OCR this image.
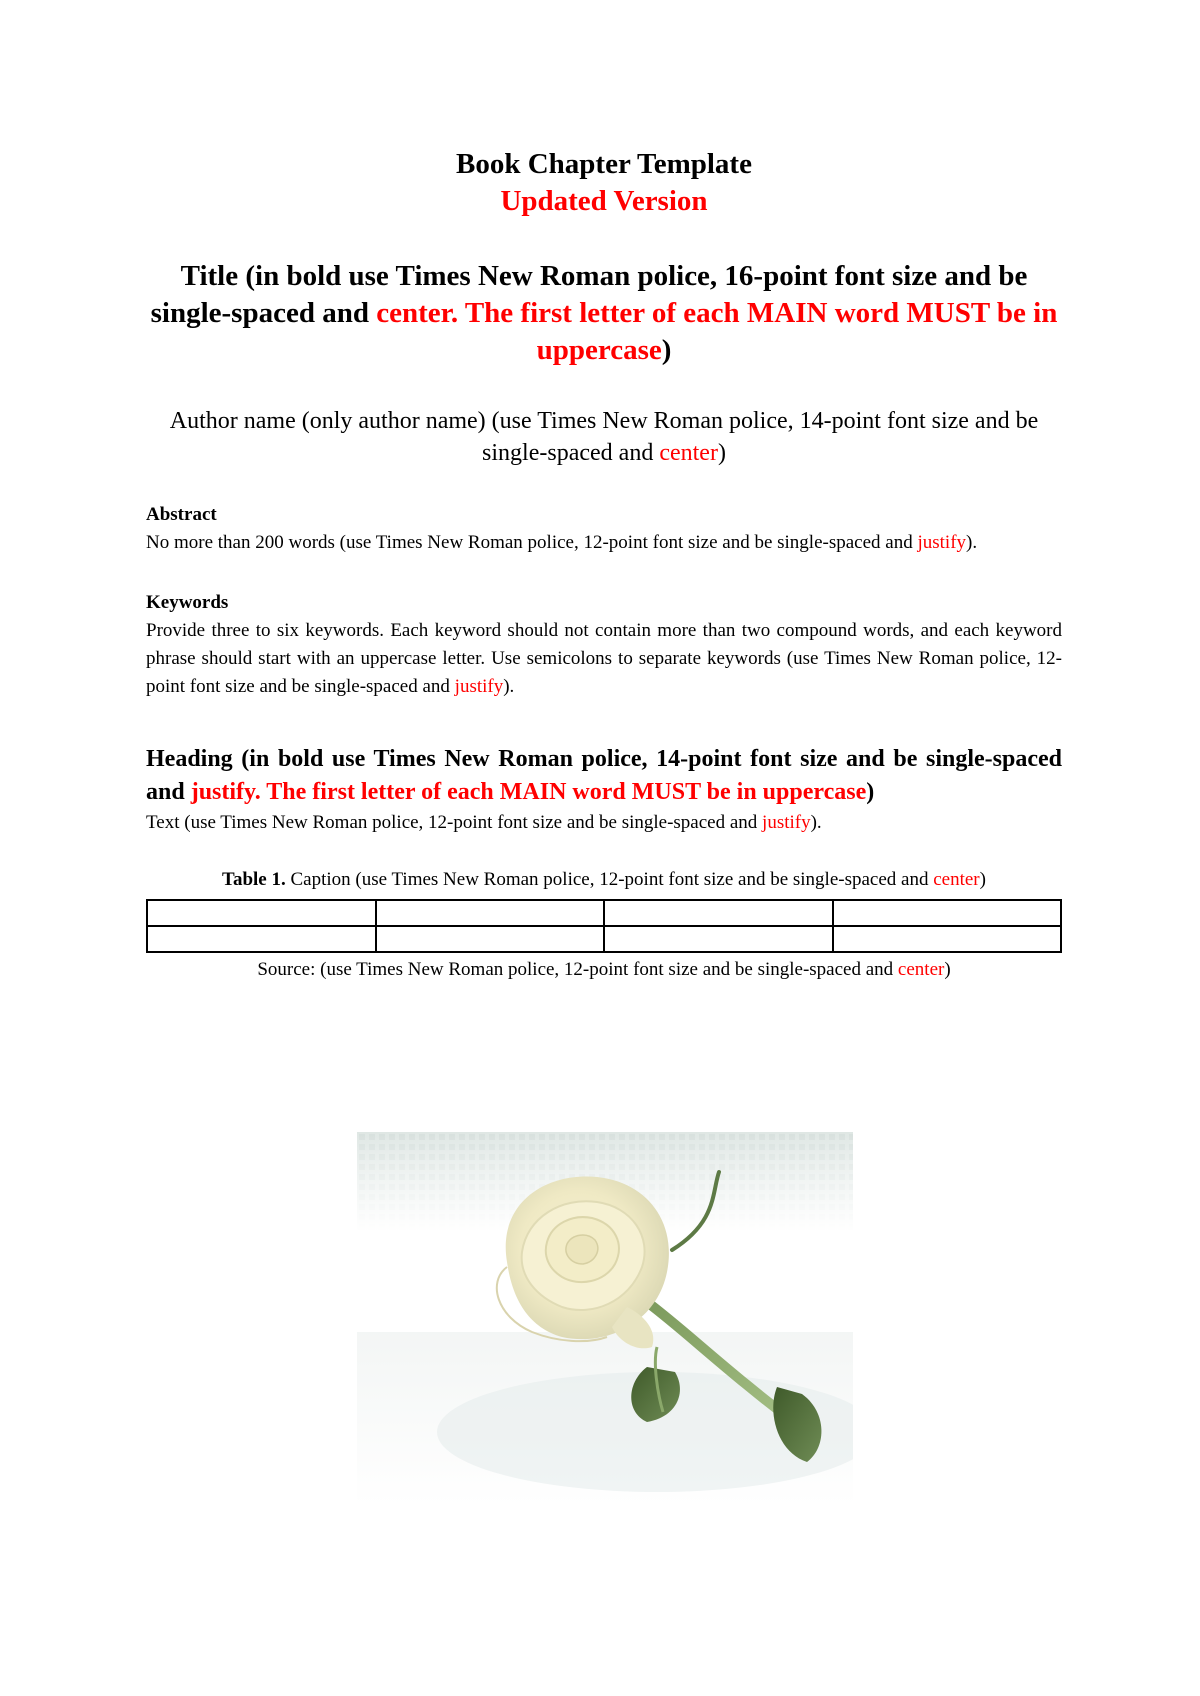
Book Chapter Template

Updated Version

Title (in bold use Times New Roman police, 16-point font size and be single-spaced and center. The first letter of each MAIN word MUST be in uppercase)

Author name (only author name) (use Times New Roman police, 14-point font size and be single-spaced and center)

Abstract

No more than 200 words (use Times New Roman police, 12-point font size and be single-spaced and justify).

Keywords

Provide three to six keywords. Each keyword should not contain more than two compound words, and each keyword phrase should start with an uppercase letter. Use semicolons to separate keywords (use Times New Roman police, 12-point font size and be single-spaced and justify).

Heading (in bold use Times New Roman police, 14-point font size and be single-spaced and justify. The first letter of each MAIN word MUST be in uppercase)

Text (use Times New Roman police, 12-point font size and be single-spaced and justify).

Table 1. Caption (use Times New Roman police, 12-point font size and be single-spaced and center)

Source: (use Times New Roman police, 12-point font size and be single-spaced and center)
